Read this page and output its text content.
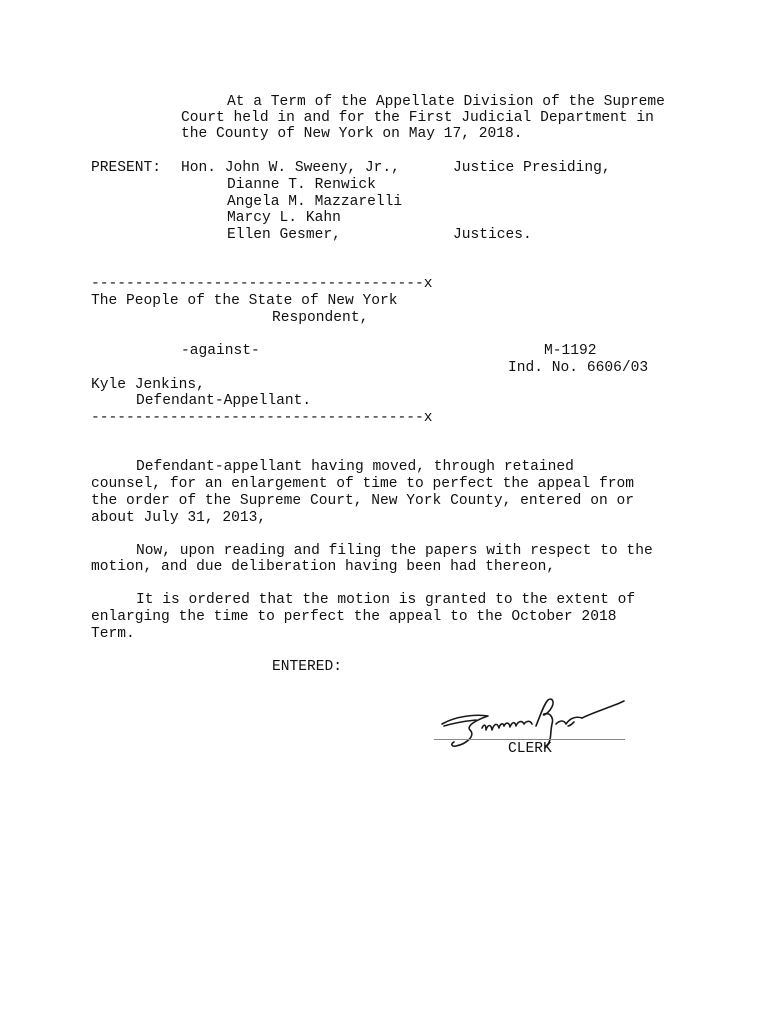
At a Term of the Appellate Division of the Supreme

Court held in and for the First Judicial Department in

the County of New York on May 17, 2018.

PRESENT: Hon. John W. Sweeny, Jr.,	Justice Presiding,

Dianne T. Renwick

Angela M. Mazzarelli

Marcy L. Kahn

Ellen Gesmer,	Justices.

--------------------------------------x

The People of the State of New York

Respondent,

-against-	M-1192

Ind. No. 6606/03

Kyle Jenkins,

Defendant-Appellant.

--------------------------------------x

Defendant-appellant having moved, through retained

counsel, for an enlargement of time to perfect the appeal from

the order of the Supreme Court, New York County, entered on or

about July 31, 2013,

Now, upon reading and filing the papers with respect to the

motion, and due deliberation having been had thereon,

It is ordered that the motion is granted to the extent of

enlarging the time to perfect the appeal to the October 2018

Term.

ENTERED:

CLERK
